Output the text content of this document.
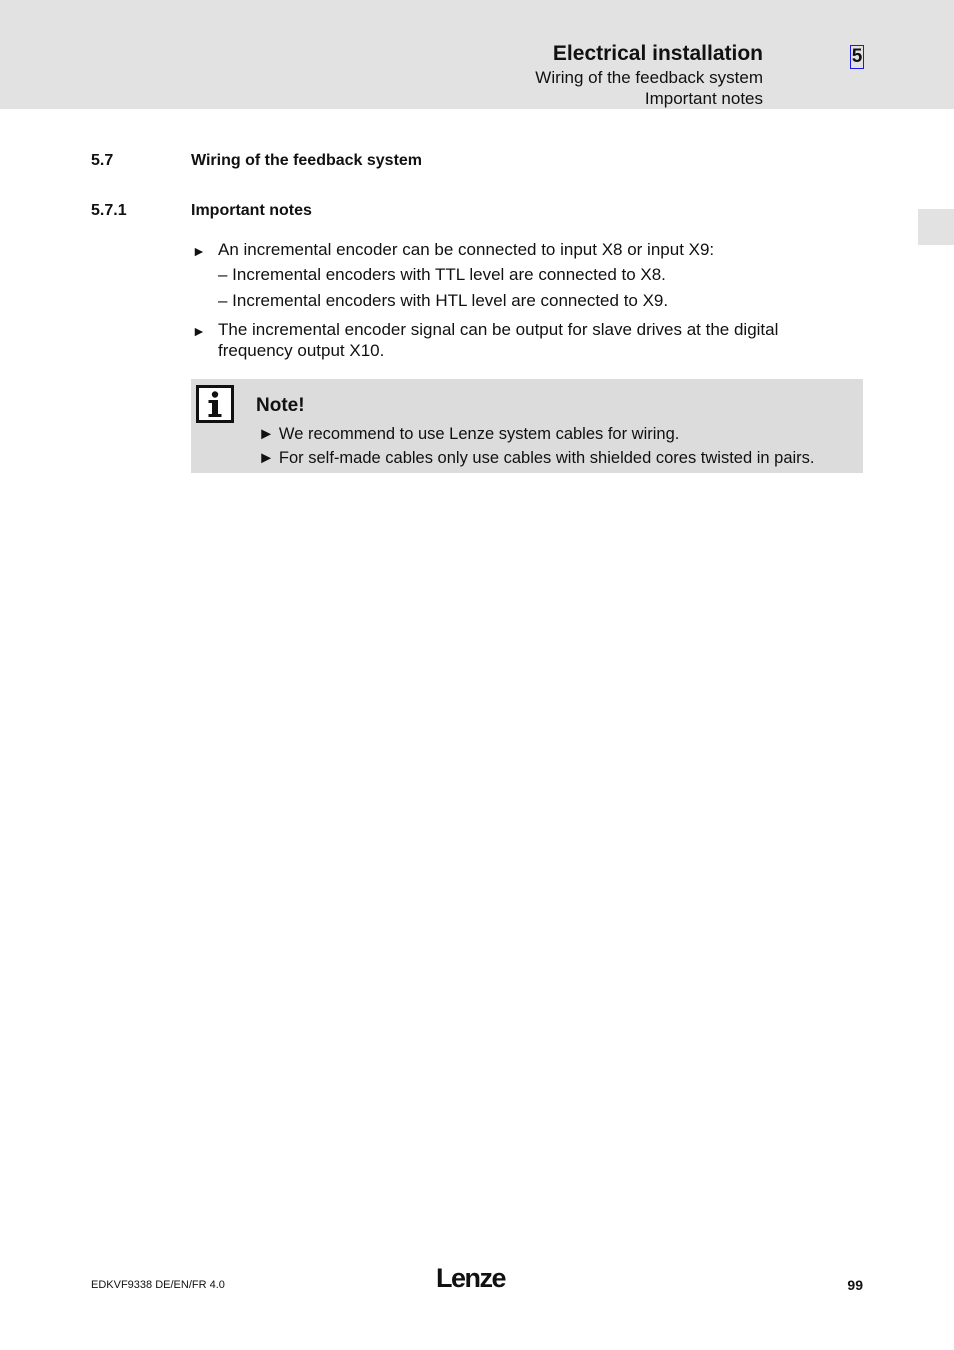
Electrical installation
Wiring of the feedback system
Important notes
5
5.7	Wiring of the feedback system
5.7.1	Important notes
► An incremental encoder can be connected to input X8 or input X9:
– Incremental encoders with TTL level are connected to X8.
– Incremental encoders with HTL level are connected to X9.
► The incremental encoder signal can be output for slave drives at the digital
frequency output X10.
Note!
► We recommend to use Lenze system cables for wiring.
► For self-made cables only use cables with shielded cores twisted in pairs.
EDKVF9338 DE/EN/FR 4.0	Lenze	99
